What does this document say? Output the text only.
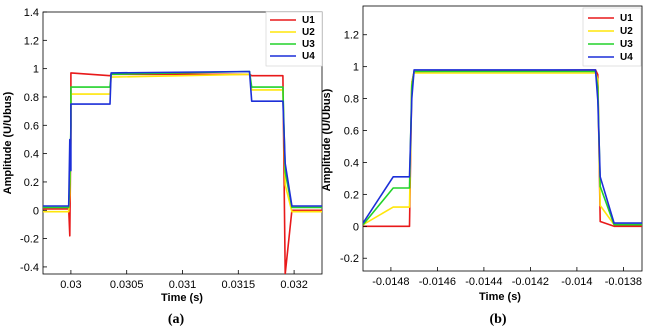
0.03	0.0305 0.031 0.0315 0.032
-0.4
-0.2
0
0.2
0.4
0.6
0.8
1
1.2
1.4
Time (s)
Amplitude (U/Ubus)
U1
U2
U3
U4
(a)
-0.0148 -0.0146 -0.0144 -0.0142 -0.014 -0.0138
-0.2
0
0.2
0.4
0.6
0.8
1
1.2
Time (s)
Amplitude (U/Ubus)
U1
U2
U3
U4
(b)
